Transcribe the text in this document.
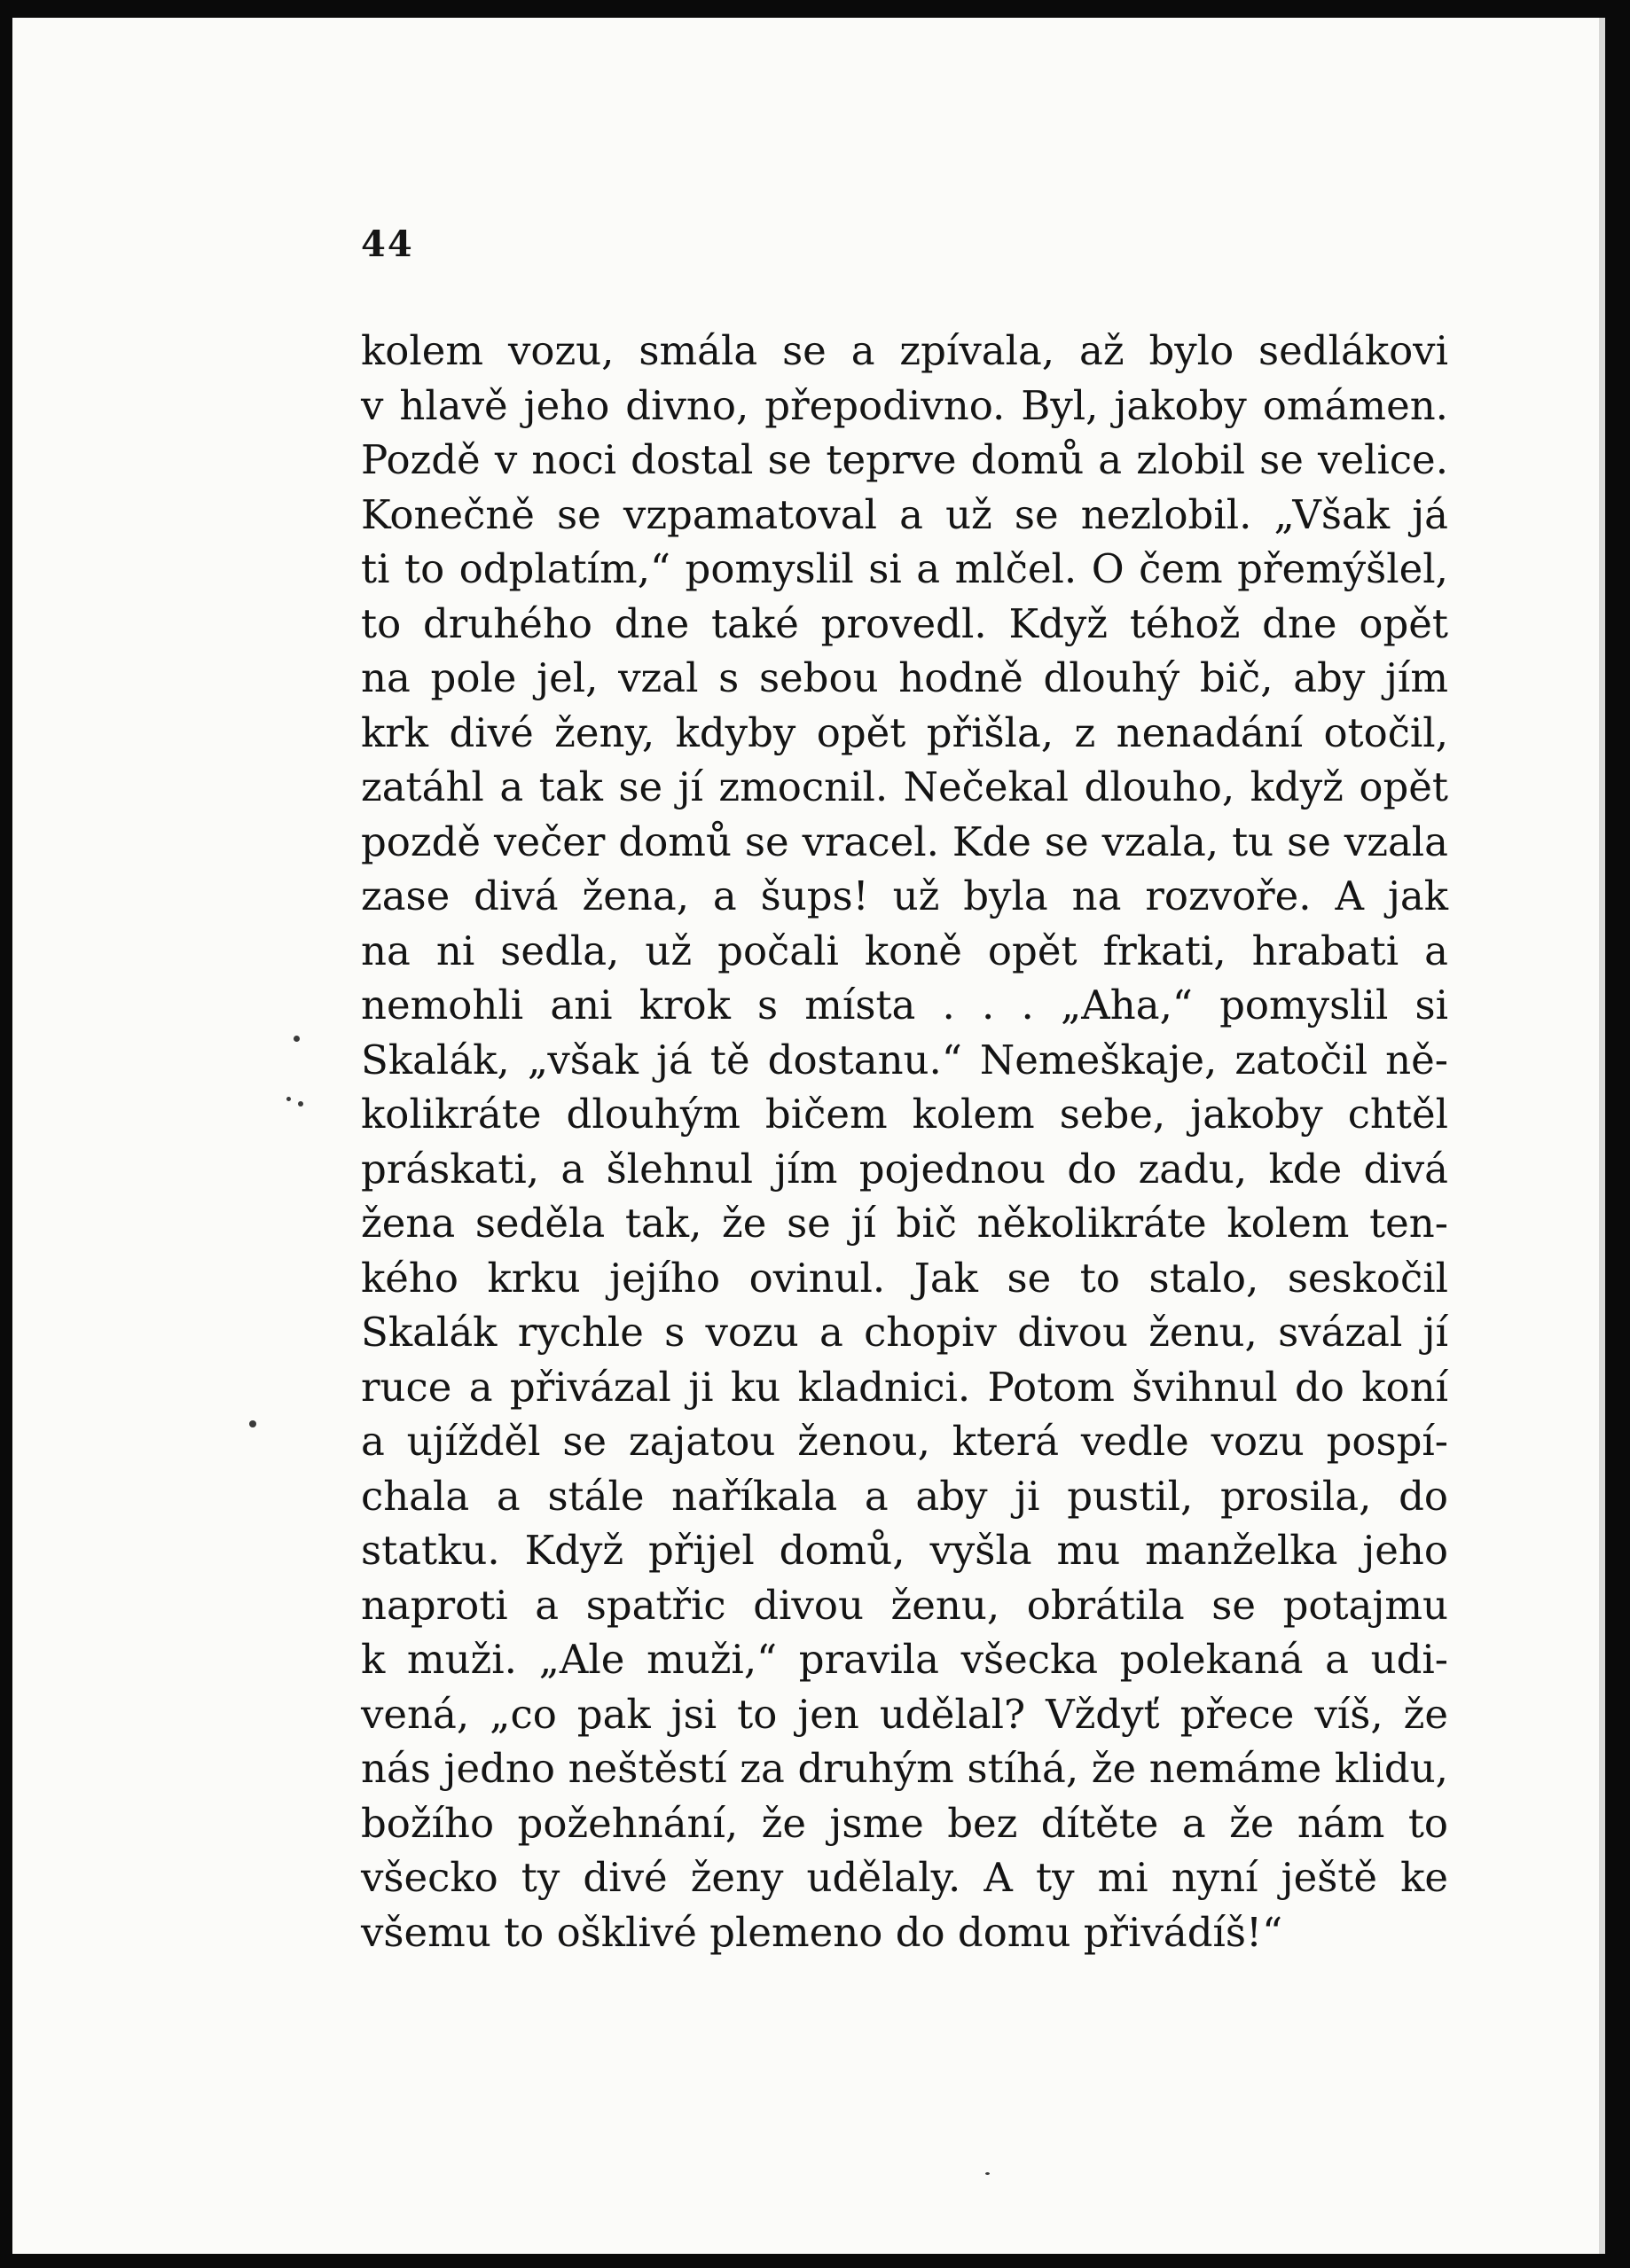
44

kolem vozu, smála se a zpívala, až bylo sedlákovi
v hlavě jeho divno, přepodivno. Byl, jakoby omámen.
Pozdě v noci dostal se teprve domů a zlobil se velice.
Konečně se vzpamatoval a už se nezlobil. „Však já
ti to odplatím,“ pomyslil si a mlčel. O čem přemýšlel,
to druhého dne také provedl. Když téhož dne opět
na pole jel, vzal s sebou hodně dlouhý bič, aby jím
krk divé ženy, kdyby opět přišla, z nenadání otočil,
zatáhl a tak se jí zmocnil. Nečekal dlouho, když opět
pozdě večer domů se vracel. Kde se vzala, tu se vzala
zase divá žena, a šups! už byla na rozvoře. A jak
na ni sedla, už počali koně opět frkati, hrabati a
nemohli ani krok s místa . . . „Aha,“ pomyslil si
Skalák, „však já tě dostanu.“ Nemeškaje, zatočil ně-
kolikráte dlouhým bičem kolem sebe, jakoby chtěl
práskati, a šlehnul jím pojednou do zadu, kde divá
žena seděla tak, že se jí bič několikráte kolem ten-
kého krku jejího ovinul. Jak se to stalo, seskočil
Skalák rychle s vozu a chopiv divou ženu, svázal jí
ruce a přivázal ji ku kladnici. Potom švihnul do koní
a ujížděl se zajatou ženou, která vedle vozu pospí-
chala a stále naříkala a aby ji pustil, prosila, do
statku. Když přijel domů, vyšla mu manželka jeho
naproti a spatřic divou ženu, obrátila se potajmu
k muži. „Ale muži,“ pravila všecka polekaná a udi-
vená, „co pak jsi to jen udělal? Vždyť přece víš, že
nás jedno neštěstí za druhým stíhá, že nemáme klidu,
božího požehnání, že jsme bez dítěte a že nám to
všecko ty divé ženy udělaly. A ty mi nyní ještě ke
všemu to ošklivé plemeno do domu přivádíš!“
